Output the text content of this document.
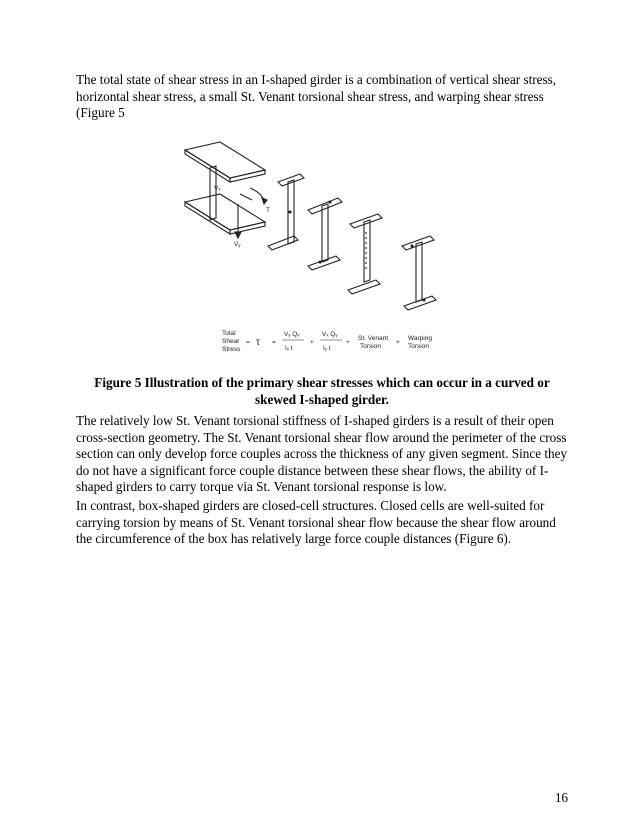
The total state of shear stress in an I-shaped girder is a combination of vertical shear stress, horizontal shear stress, a small St. Venant torsional shear stress, and warping shear stress (Figure 5

Vₓ
T
Vᵧ
Total
Shear
Stress
= τ =
Vᵧ Qₓ
Iₓ t
+
Vₓ Qᵧ
Iᵧ t
+
St. Venant
Torsion
+
Warping
Torsion

Figure 5 Illustration of the primary shear stresses which can occur in a curved or skewed I-shaped girder.

The relatively low St. Venant torsional stiffness of I-shaped girders is a result of their open cross-section geometry. The St. Venant torsional shear flow around the perimeter of the cross section can only develop force couples across the thickness of any given segment. Since they do not have a significant force couple distance between these shear flows, the ability of I-shaped girders to carry torque via St. Venant torsional response is low.

In contrast, box-shaped girders are closed-cell structures. Closed cells are well-suited for carrying torsion by means of St. Venant torsional shear flow because the shear flow around the circumference of the box has relatively large force couple distances (Figure 6).

16
